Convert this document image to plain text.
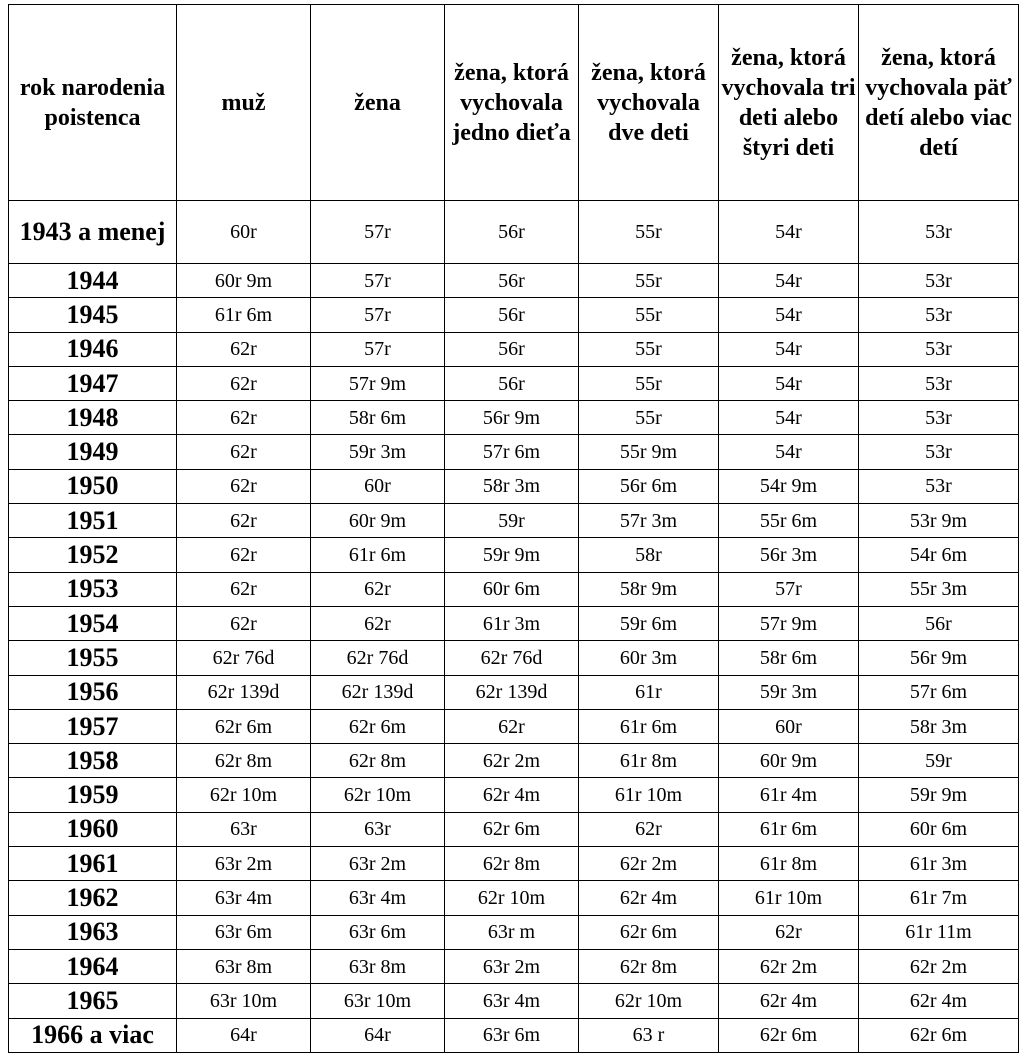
rok narodenia poistenca	muž	žena	žena, ktorá vychovala jedno dieťa	žena, ktorá vychovala dve deti	žena, ktorá vychovala tri deti alebo štyri deti	žena, ktorá vychovala päť detí alebo viac detí
1943 a menej	60r	57r	56r	55r	54r	53r
1944	60r 9m	57r	56r	55r	54r	53r
1945	61r 6m	57r	56r	55r	54r	53r
1946	62r	57r	56r	55r	54r	53r
1947	62r	57r 9m	56r	55r	54r	53r
1948	62r	58r 6m	56r 9m	55r	54r	53r
1949	62r	59r 3m	57r 6m	55r 9m	54r	53r
1950	62r	60r	58r 3m	56r 6m	54r 9m	53r
1951	62r	60r 9m	59r	57r 3m	55r 6m	53r 9m
1952	62r	61r 6m	59r 9m	58r	56r 3m	54r 6m
1953	62r	62r	60r 6m	58r 9m	57r	55r 3m
1954	62r	62r	61r 3m	59r 6m	57r 9m	56r
1955	62r 76d	62r 76d	62r 76d	60r 3m	58r 6m	56r 9m
1956	62r 139d	62r 139d	62r 139d	61r	59r 3m	57r 6m
1957	62r 6m	62r 6m	62r	61r 6m	60r	58r 3m
1958	62r 8m	62r 8m	62r 2m	61r 8m	60r 9m	59r
1959	62r 10m	62r 10m	62r 4m	61r 10m	61r 4m	59r 9m
1960	63r	63r	62r 6m	62r	61r 6m	60r 6m
1961	63r 2m	63r 2m	62r 8m	62r 2m	61r 8m	61r 3m
1962	63r 4m	63r 4m	62r 10m	62r 4m	61r 10m	61r 7m
1963	63r 6m	63r 6m	63r m	62r 6m	62r	61r 11m
1964	63r 8m	63r 8m	63r 2m	62r 8m	62r 2m	62r 2m
1965	63r 10m	63r 10m	63r 4m	62r 10m	62r 4m	62r 4m
1966 a viac	64r	64r	63r 6m	63 r	62r 6m	62r 6m
